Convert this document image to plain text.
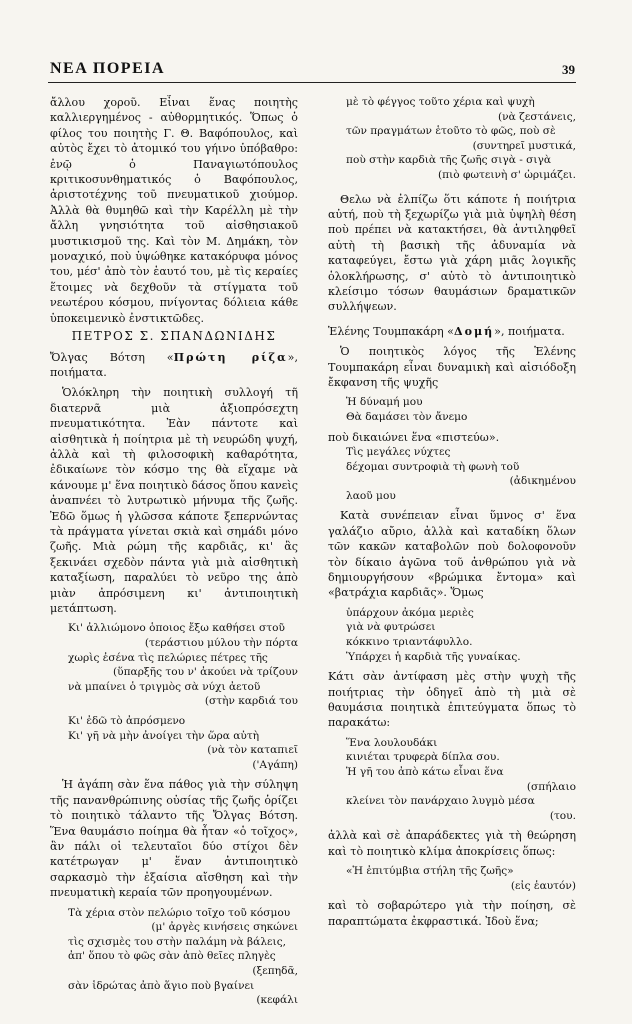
ΝΕΑ ΠΟΡΕΙΑ	39

ἄλλου χοροῦ. Εἶναι ἕνας ποιητὴς καλλιεργημένος - αὐθορμητικός. Ὅπως ὁ φίλος του ποιητὴς Γ. Θ. Βαφόπουλος, καὶ αὐτὸς ἔχει τὸ ἀτομικό του γήινο ὑπόβαθρο: ἐνῷ ὁ Παναγιωτόπουλος κριτικοσυνθηματικός ὁ Βαφόπουλος, ἀριστοτέχνης τοῦ πνευματικοῦ χιούμορ. Ἀλλὰ θὰ θυμηθῶ καὶ τὴν Καρέλλη μὲ τὴν ἄλλη γνησιότητα τοῦ αἰσθησιακοῦ μυστικισμοῦ της. Καὶ τὸν Μ. Δημάκη, τὸν μοναχικό, ποὺ ὑψώθηκε κατακόρυφα μόνος του, μέσ' ἀπὸ τὸν ἑαυτό του, μὲ τὶς κεραίες ἕτοιμες νὰ δεχθοῦν τὰ στίγματα τοῦ νεωτέρου κόσμου, πνίγοντας δόλιεια κάθε ὑποκειμενικὸ ἐνστικτῶδες.

ΠΕΤΡΟΣ Σ. ΣΠΑΝΔΩΝΙΔΗΣ

Ὄλγας Βότση «Πρώτη ρίζα», ποιήματα.

Ὁλόκληρη τὴν ποιητικὴ συλλογή τῆ διατερνᾶ μιὰ ἀξιοπρόσεχτη πνευματικότητα. Ἐὰν πάντοτε καὶ αἰσθητικὰ ἡ ποίητρια μὲ τὴ νευρώδη ψυχή, ἀλλὰ καὶ τὴ φιλοσοφικὴ καθαρότητα, ἐδικαίωνε τὸν κόσμο της θὰ εἴχαμε νὰ κάνουμε μ' ἕνα ποιητικὸ δάσος ὅπου κανεὶς ἀναπνέει τὸ λυτρωτικὸ μήνυμα τῆς ζωῆς. Ἐδῶ ὅμως ἡ γλῶσσα κάποτε ξεπερνώντας τὰ πράγματα γίνεται σκιὰ καὶ σημάδι μόνο ζωῆς. Μιὰ ρώμη τῆς καρδιᾶς, κι' ἂς ξεκινάει σχεδὸν πάντα γιὰ μιὰ αἰσθητικὴ καταξίωση, παραλύει τὸ νεῦρο της ἀπὸ μιὰν ἀπρόσιμενη κι' ἀντιποιητικὴ μετάπτωση.

Κι' ἀλλιώμονο ὁποιος ἔξω καθήσει στοῦ
(τεράστιου μύλου τὴν πόρτα
χωρὶς ἐσένα τὶς πελώριες πέτρες τῆς
(ὕπαρξῆς του ν' ἀκούει νὰ τρίζουν
νὰ μπαίνει ὁ τριγμὸς σὰ νύχι ἀετοῦ
(στὴν καρδιά του
Κι' ἐδῶ τὸ ἀπρόσμενο
Κι' γῆ νὰ μὴν ἀνοίγει τὴν ὥρα αὐτὴ
(νὰ τὸν καταπιεῖ
('Αγάπη)

Ἡ ἀγάπη σὰν ἕνα πάθος γιὰ τὴν σύληψη τῆς πανανθρώπινης οὐσίας τῆς ζωῆς ὁρίζει τὸ ποιητικὸ τάλαντο τῆς Ὄλγας Βότση. Ἕνα θαυμάσιο ποίημα θὰ ἦταν «ὁ τοῖχος», ἂν πάλι οἱ τελευταῖοι δύο στίχοι δὲν κατέτρωγαν μ' ἕναν ἀντιποιητικὸ σαρκασμὸ τὴν ἐξαίσια αἴσθηση καὶ τὴν πνευματικὴ κεραία τῶν προηγουμένων.

Τὰ χέρια στὸν πελώριο τοῖχο τοῦ κόσμου
(μ' ἀργὲς κινήσεις σηκώνει
τὶς σχισμὲς του στὴν παλάμη νὰ βάλεις,
ἀπ' ὅπου τὸ φῶς σὰν ἀπὸ θεῖες πληγὲς
(ξεπηδᾶ,
σὰν ἱδρώτας ἀπὸ ἅγιο ποὺ βγαίνει
(κεφάλι
μὲ τὸ φέγγος τοῦτο χέρια καὶ ψυχὴ
(νὰ ζεστάνεις,
τῶν πραγμάτων ἑτοῦτο τὸ φῶς, ποὺ σὲ
(συντηρεῖ μυστικά,
ποὺ στὴν καρδιὰ τῆς ζωῆς σιγὰ - σιγὰ
(πιὸ φωτεινὴ σ' ὡριμάζει.

Θελω νὰ ἐλπίζω ὅτι κάποτε ἡ ποιήτρια αὐτή, ποὺ τὴ ξεχωρίζω γιὰ μιὰ ὑψηλὴ θέση ποὺ πρέπει νὰ κατακτήσει, θὰ ἀντιληφθεῖ αὐτὴ τὴ βασικὴ τῆς ἀδυναμία νὰ καταφεύγει, ἔστω γιὰ χάρη μιᾶς λογικῆς ὁλοκλήρωσης, σ' αὐτὸ τὸ ἀντιποιητικὸ κλείσιμο τόσων θαυμάσιων δραματικῶν συλλήψεων.

Ἑλένης Τουμπακάρη «Δομή», ποιήματα.

Ὁ ποιητικὸς λόγος τῆς Ἑλένης Τουμπακάρη εἶναι δυναμικὴ καὶ αἰσιόδοξη ἔκφανση τῆς ψυχῆς

Ἡ δύναμή μου
Θὰ δαμάσει τὸν ἄνεμο

ποὺ δικαιώνει ἕνα «πιστεύω».

Τὶς μεγάλες νύχτες
δέχομαι συντροφιὰ τὴ φωνὴ τοῦ
(ἀδικημένου
λαοῦ μου

Κατὰ συνέπειαν εἶναι ὕμνος σ' ἕνα γαλάζιο αὔριο, ἀλλὰ καὶ καταδίκη ὅλων τῶν κακῶν καταβολῶν ποὺ δολοφονοῦν τὸν δίκαιο ἀγῶνα τοῦ ἀνθρώπου γιὰ νὰ δημιουργήσουν «βρώμικα ἔντομα» καὶ «βατράχια καρδιᾶς». Ὅμως

ὑπάρχουν ἀκόμα μεριὲς
γιὰ νὰ φυτρώσει
κόκκινο τριαντάφυλλο.
Ὑπάρχει ἡ καρδιὰ τῆς γυναίκας.

Κάτι σὰν ἀντίφαση μὲς στὴν ψυχὴ τῆς ποιήτριας τὴν ὁδηγεῖ ἀπὸ τὴ μιὰ σὲ θαυμάσια ποιητικὰ ἐπιτεύγματα ὅπως τὸ παρακάτω:

Ἕνα λουλουδάκι
κινιέται τρυφερὰ δίπλα σου.
Ἡ γῆ του ἀπὸ κάτω εἶναι ἕνα
(σπήλαιο
κλείνει τὸν πανάρχαιο λυγμὸ μέσα
(του.

ἀλλὰ καὶ σὲ ἀπαράδεκτες γιὰ τὴ θεώρηση καὶ τὸ ποιητικὸ κλίμα ἀποκρίσεις ὅπως:

«Ἡ ἐπιτύμβια στήλη τῆς ζωῆς»
(εἰς ἑαυτόν)

καὶ τὸ σοβαρώτερο γιὰ τὴν ποίηση, σὲ παραπτώματα ἐκφραστικά. Ἰδοὺ ἕνα;
